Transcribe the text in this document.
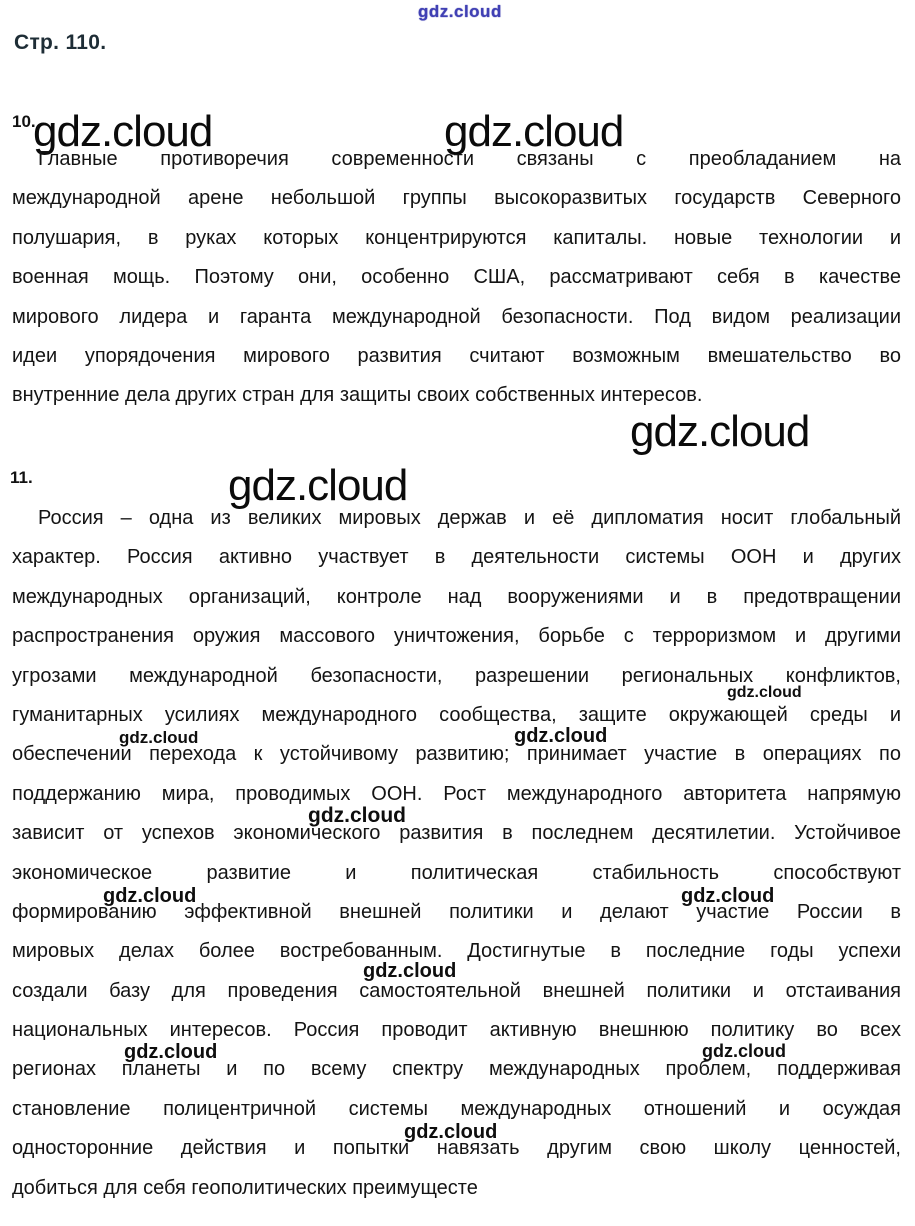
gdz.cloud
Стр. 110.
10.
gdz.cloud	gdz.cloud
Главные противоречия современности связаны с преобладанием на
международной арене небольшой группы высокоразвитых государств Северного
полушария, в руках которых концентрируются капиталы. новые технологии и
военная мощь. Поэтому они, особенно США, рассматривают себя в качестве
мирового лидера и гаранта международной безопасности. Под видом реализации
идеи упорядочения мирового развития считают возможным вмешательство во
внутренние дела других стран для защиты своих собственных интересов.
gdz.cloud
11.	gdz.cloud
Россия – одна из великих мировых держав и её дипломатия носит глобальный
характер. Россия активно участвует в деятельности системы ООН и других
международных организаций, контроле над вооружениями и в предотвращении
распространения оружия массового уничтожения, борьбе с терроризмом и другими
угрозами международной безопасности, разрешении региональных конфликтов,
гуманитарных усилиях международного сообщества, защите окружающей среды и
обеспечении перехода к устойчивому развитию; принимает участие в операциях по
поддержанию мира, проводимых ООН. Рост международного авторитета напрямую
зависит от успехов экономического развития в последнем десятилетии. Устойчивое
экономическое развитие и политическая стабильность способствуют
формированию эффективной внешней политики и делают участие России в
мировых делах более востребованным. Достигнутые в последние годы успехи
создали базу для проведения самостоятельной внешней политики и отстаивания
национальных интересов. Россия проводит активную внешнюю политику во всех
регионах планеты и по всему спектру международных проблем, поддерживая
становление полицентричной системы международных отношений и осуждая
односторонние действия и попытки навязать другим свою школу ценностей,
добиться для себя геополитических преимущесте
gdz.cloud
gdz.cloud	gdz.cloud
gdz.cloud
gdz.cloud	gdz.cloud
gdz.cloud
gdz.cloud	gdz.cloud
gdz.cloud
